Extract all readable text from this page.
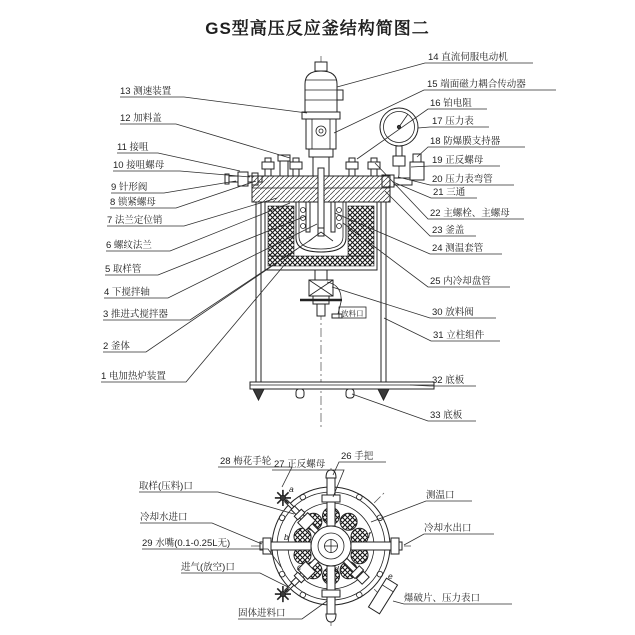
GS型高压反应釜结构简图二
放料口
a
b
c	d
e
f
13 测速装置
12 加料盖
11 接咀
10 接咀螺母
9 针形阀
8 锁紧螺母
7 法兰定位销
6 螺纹法兰
5 取样管
4 下搅拌轴
3 推进式搅拌器
2 釜体
1 电加热炉装置
14 直流伺服电动机
15 端面磁力耦合传动器
16 铂电阻
17 压力表
18 防爆膜支持器
19 正反螺母
20 压力表弯管
21 三通
22 主螺栓、主螺母
23 釜盖
24 测温套管
25 内冷却盘管
30 放料阀
31 立柱组件
32 底板
33 底板
28 梅花手轮 27 正反螺母
26 手把
取样(压料)口
冷却水进口
29 水嘴(0.1-0.25L无)
进气(放空)口
固体进料口
测温口
冷却水出口
爆破片、压力表口
